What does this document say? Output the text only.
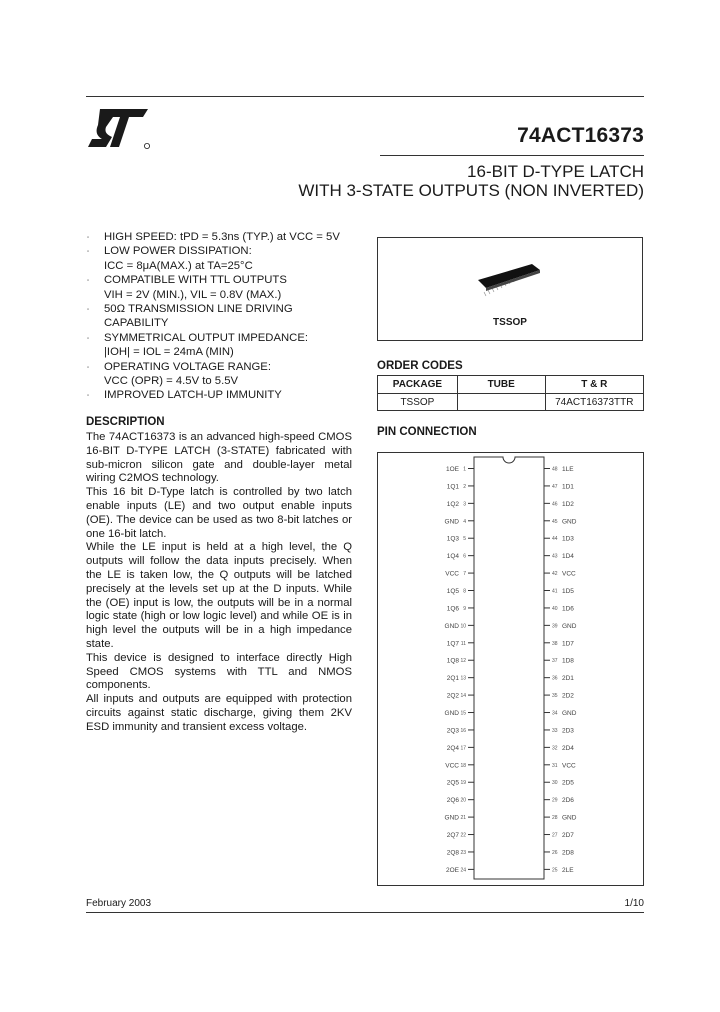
74ACT16373
16-BIT D-TYPE LATCH
WITH 3-STATE OUTPUTS (NON INVERTED)
▫ HIGH SPEED: tPD = 5.3ns (TYP.) at VCC = 5V
▫ LOW POWER DISSIPATION:
ICC = 8μA(MAX.) at TA=25°C
▫ COMPATIBLE WITH TTL OUTPUTS
VIH = 2V (MIN.), VIL = 0.8V (MAX.)
▫ 50Ω TRANSMISSION LINE DRIVING
CAPABILITY
▫ SYMMETRICAL OUTPUT IMPEDANCE:
|IOH| = IOL = 24mA (MIN)
▫ OPERATING VOLTAGE RANGE:
VCC (OPR) = 4.5V to 5.5V
▫ IMPROVED LATCH-UP IMMUNITY
DESCRIPTION

The 74ACT16373 is an advanced high-speed CMOS 16-BIT D-TYPE LATCH (3-STATE) fabricated with sub-micron silicon gate and double-layer metal wiring C2MOS technology.

This 16 bit D-Type latch is controlled by two latch enable inputs (LE) and two output enable inputs (OE). The device can be used as two 8-bit latches or one 16-bit latch.

While the LE input is held at a high level, the Q outputs will follow the data inputs precisely. When the LE is taken low, the Q outputs will be latched precisely at the levels set up at the D inputs. While the (OE) input is low, the outputs will be in a normal logic state (high or low logic level) and while OE is in high level the outputs will be in a high impedance state.

This device is designed to interface directly High Speed CMOS systems with TTL and NMOS components.

All inputs and outputs are equipped with protection circuits against static discharge, giving them 2KV ESD immunity and transient excess voltage.

TSSOP
ORDER CODES
PACKAGE	TUBE	T & R
TSSOP		74ACT16373TTR
PIN CONNECTION
1	48
1OE	1LE
2	47
1Q1	1D1
3	46
1Q2	1D2
4	45
GND	GND
5	44
1Q3	1D3
6	43
1Q4	1D4
7	42
VCC	VCC
8	41
1Q5	1D5
9	40
1Q6	1D6
10	39
GND	GND
11	38
1Q7	1D7
12	37
1Q8	1D8
13	36
2Q1	2D1
14	35
2Q2	2D2
15	34
GND	GND
16	33
2Q3	2D3
17	32
2Q4	2D4
18	31
VCC	VCC
19	30
2Q5	2D5
20	29
2Q6	2D6
21	28
GND	GND
22	27
2Q7	2D7
23	26
2Q8	2D8
24	25
2OE	2LE
February 2003	1/10
